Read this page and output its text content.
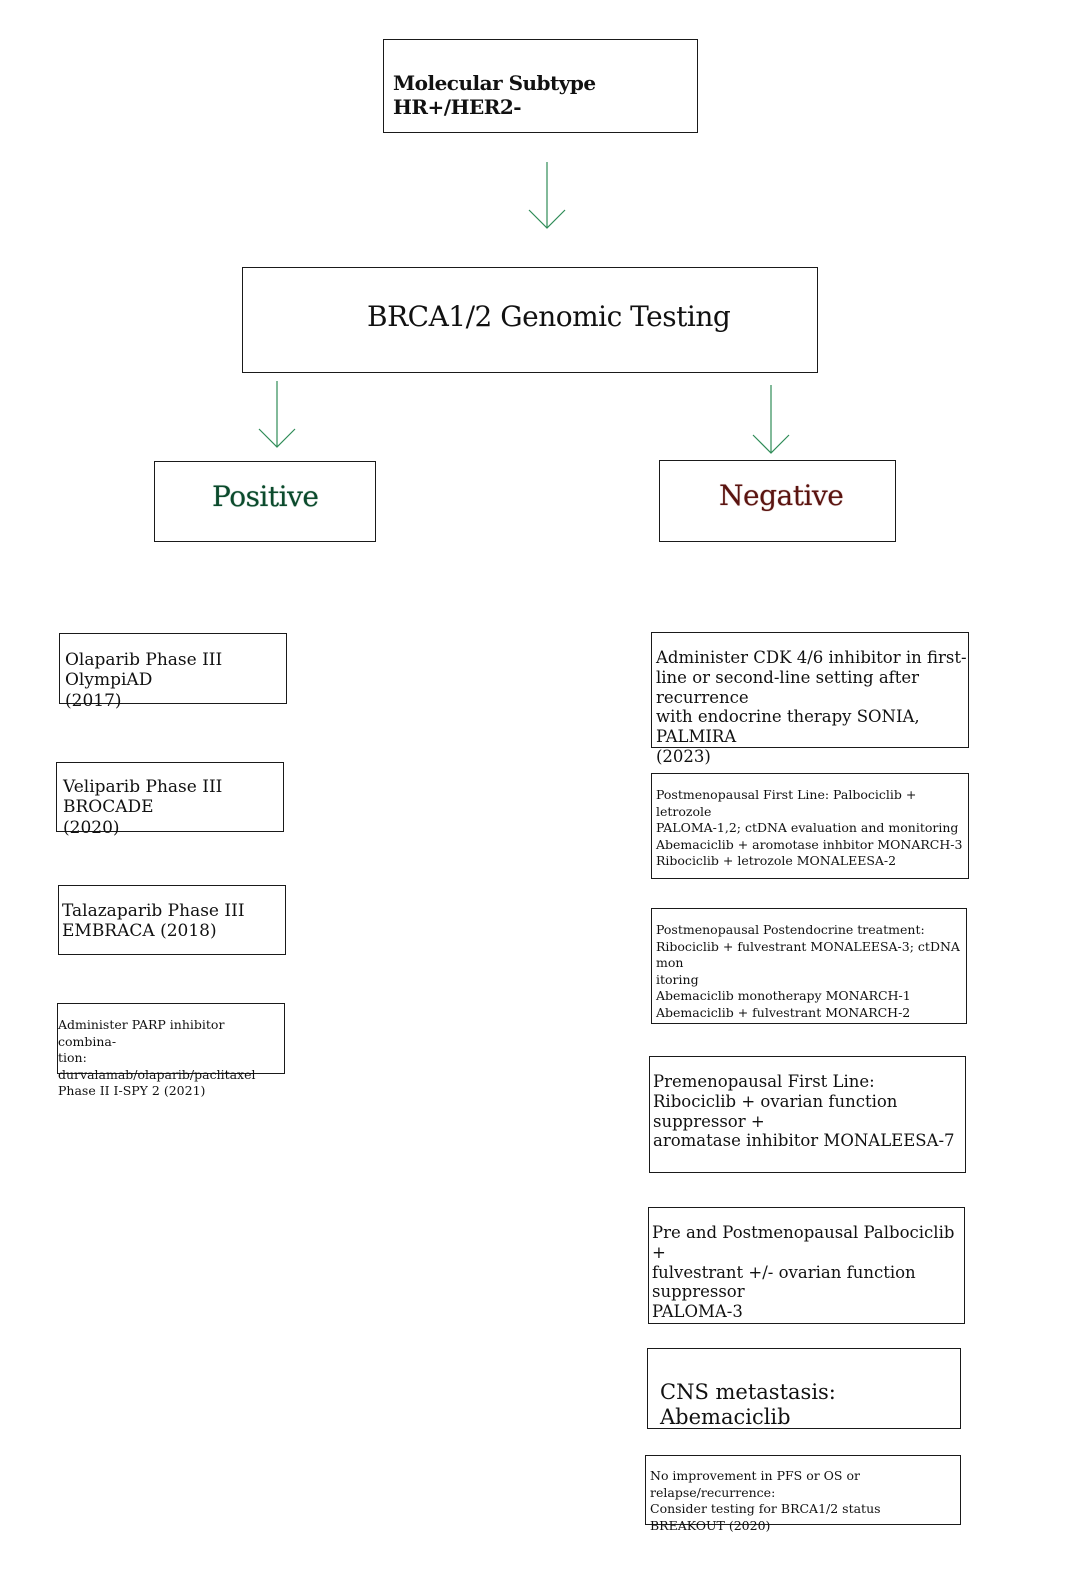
Molecular Subtype HR+/HER2-

BRCA1/2 Genomic Testing

Positive	Negative

Olaparib Phase III OlympiAD
(2017)

Veliparib Phase III BROCADE
(2020)

Talazaparib Phase III
EMBRACA (2018)

Administer PARP inhibitor combina-
tion: durvalamab/olaparib/paclitaxel
Phase II I-SPY 2 (2021)

Administer CDK 4/6 inhibitor in first-
line or second-line setting after recurrence
with endocrine therapy SONIA, PALMIRA
(2023)

Postmenopausal First Line: Palbociclib + letrozole
PALOMA-1,2; ctDNA evaluation and monitoring
Abemaciclib + aromotase inhbitor MONARCH-3
Ribociclib + letrozole MONALEESA-2

Postmenopausal Postendocrine treatment:
Ribociclib + fulvestrant MONALEESA-3; ctDNA mon
itoring
Abemaciclib monotherapy MONARCH-1
Abemaciclib + fulvestrant MONARCH-2

Premenopausal First Line:
Ribociclib + ovarian function suppressor +
aromatase inhibitor MONALEESA-7

Pre and Postmenopausal Palbociclib +
fulvestrant +/- ovarian function suppressor
PALOMA-3

CNS metastasis: Abemaciclib

No improvement in PFS or OS or relapse/recurrence:
Consider testing for BRCA1/2 status
BREAKOUT (2020)
